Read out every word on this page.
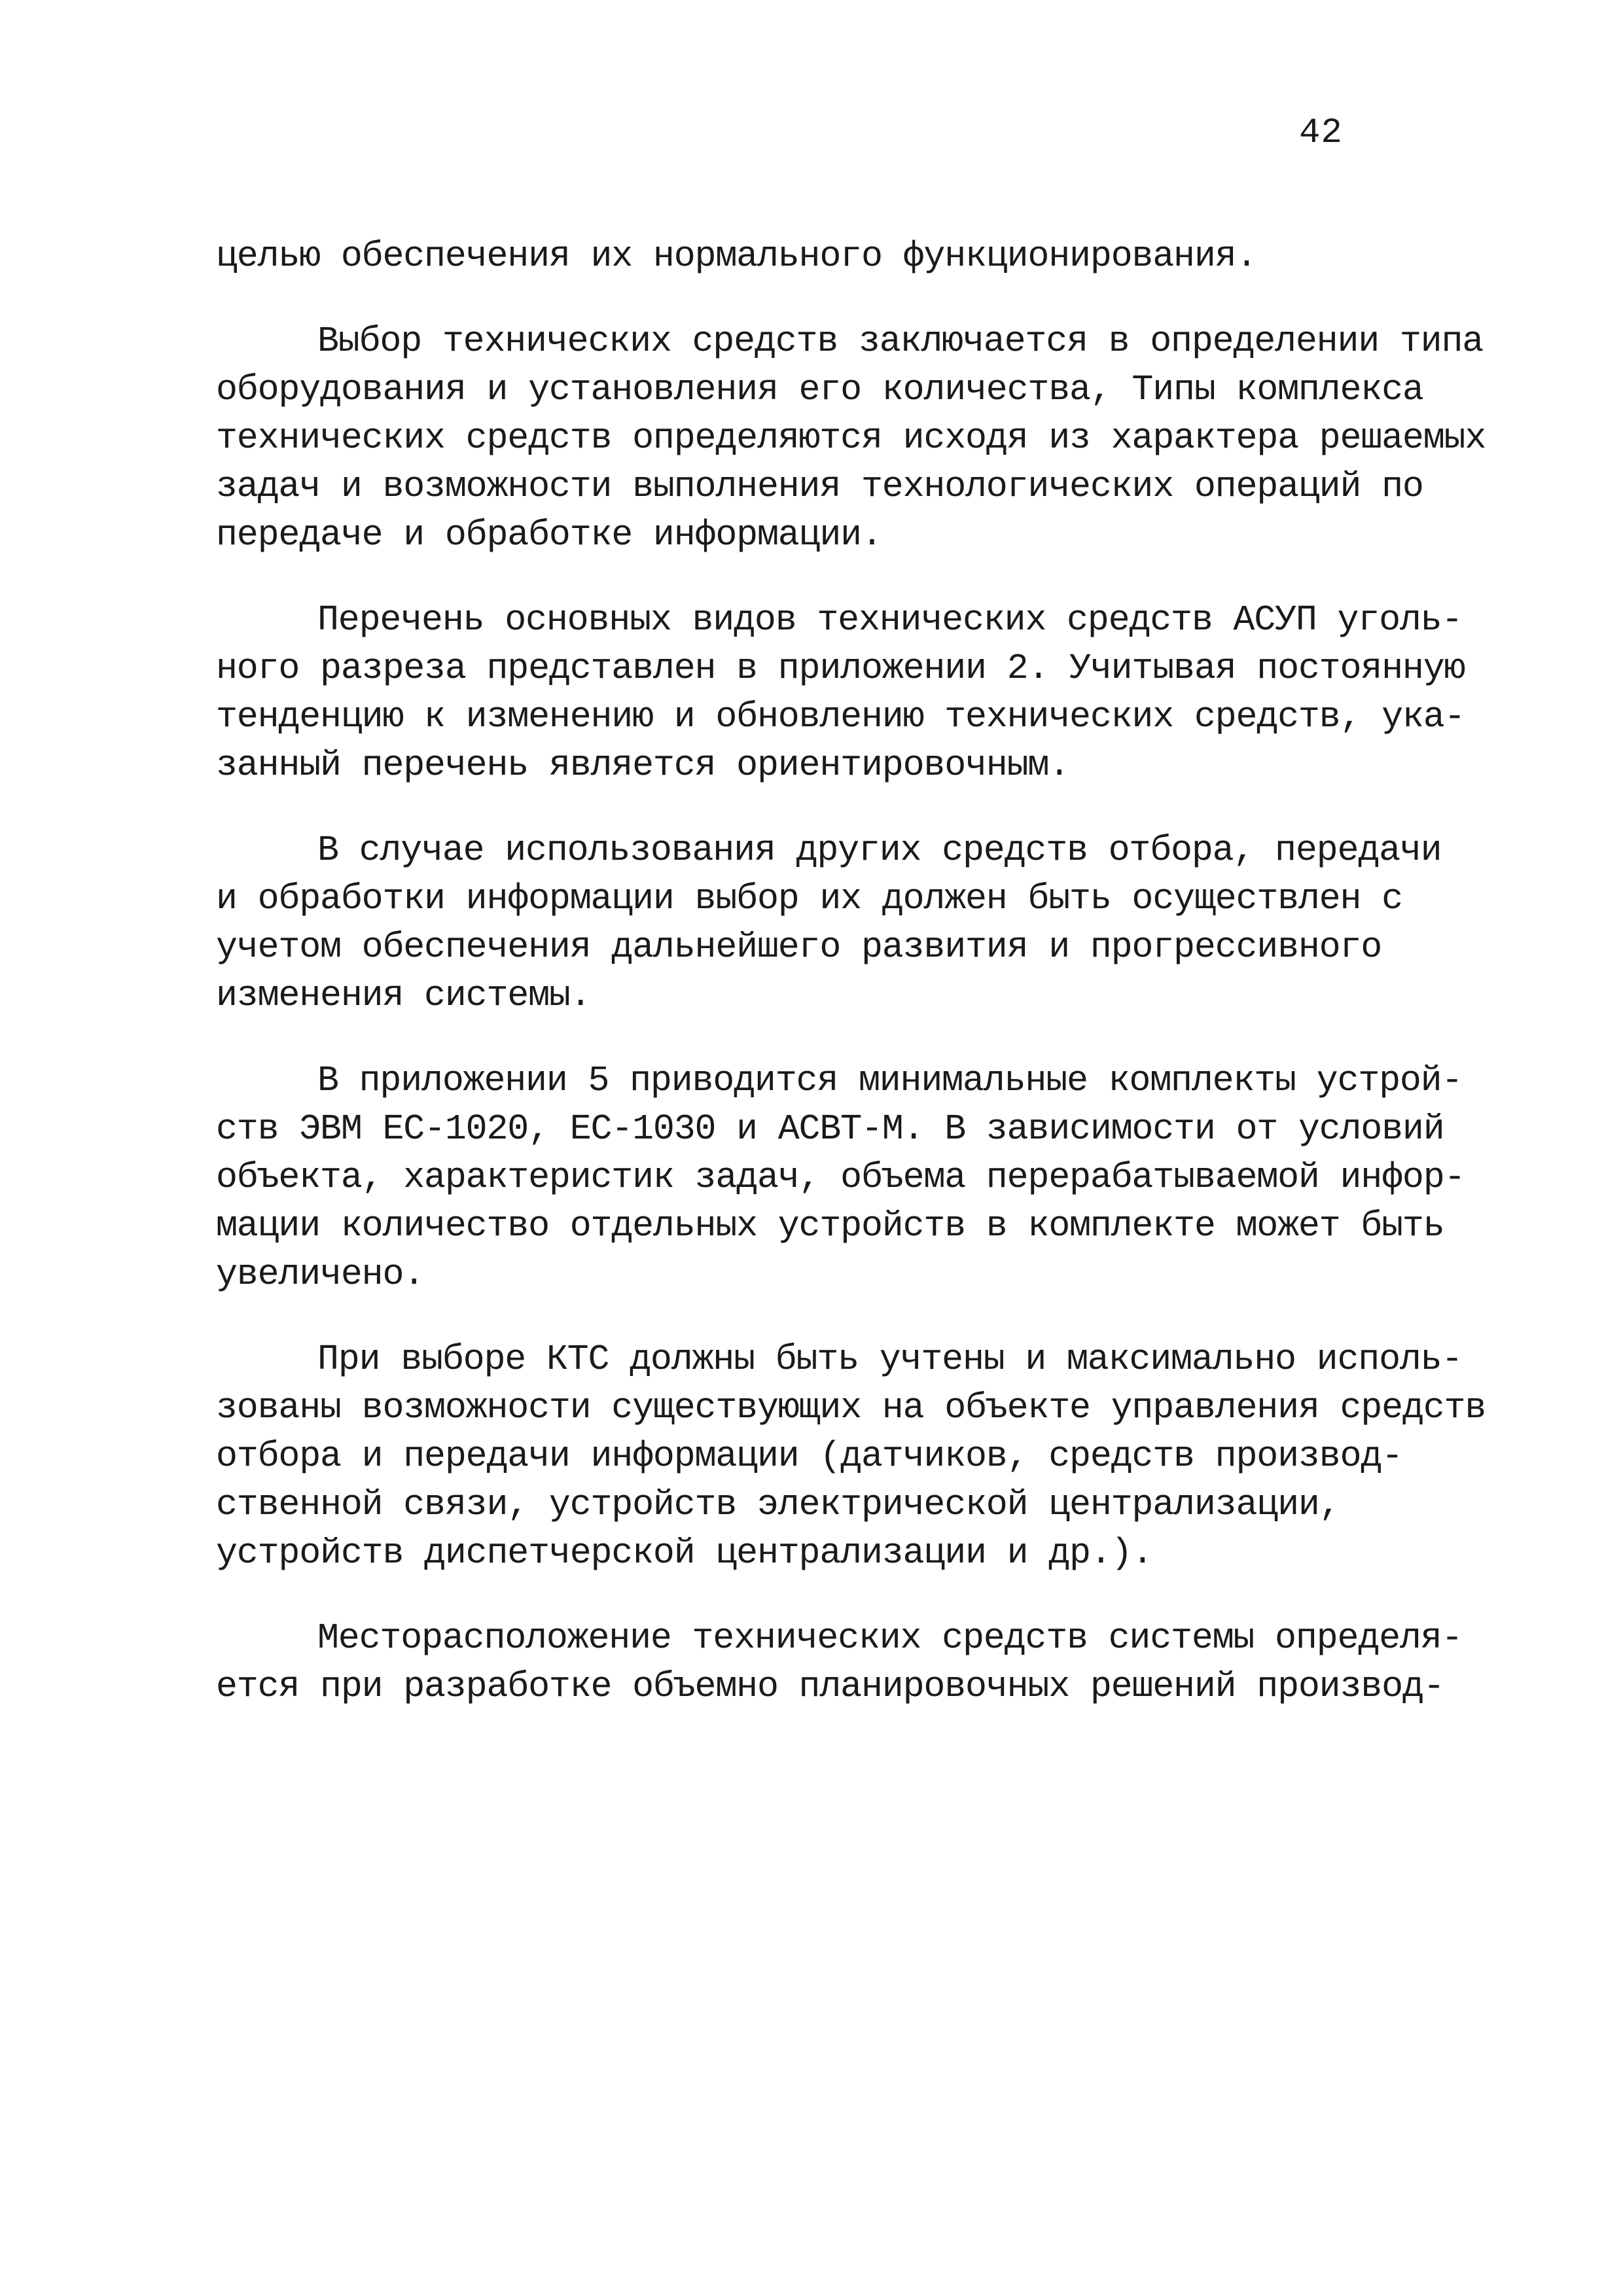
42
целью обеспечения их нормального функционирования.
Выбор технических средств заключается в определении типа
оборудования и установления его количества, Типы комплекса
технических средств определяются исходя из характера решаемых
задач и возможности выполнения технологических операций по
передаче и обработке информации.
Перечень основных видов технических средств АСУП уголь-
ного разреза представлен в приложении 2. Учитывая постоянную
тенденцию к изменению и обновлению технических средств, ука-
занный перечень является ориентировочным.
В случае использования других средств отбора, передачи
и обработки информации выбор их должен быть осуществлен с
учетом обеспечения дальнейшего развития и прогрессивного
изменения системы.
В приложении 5 приводится минимальные комплекты устрой-
ств ЭВМ ЕС-1020, ЕС-1030 и АСВТ-М. В зависимости от условий
объекта, характеристик задач, объема перерабатываемой инфор-
мации количество отдельных устройств в комплекте может быть
увеличено.
При выборе КТС должны быть учтены и максимально исполь-
зованы возможности существующих на объекте управления средств
отбора и передачи информации (датчиков, средств производ-
ственной связи, устройств электрической централизации,
устройств диспетчерской централизации и др.).
Месторасположение технических средств системы определя-
ется при разработке объемно планировочных решений производ-
